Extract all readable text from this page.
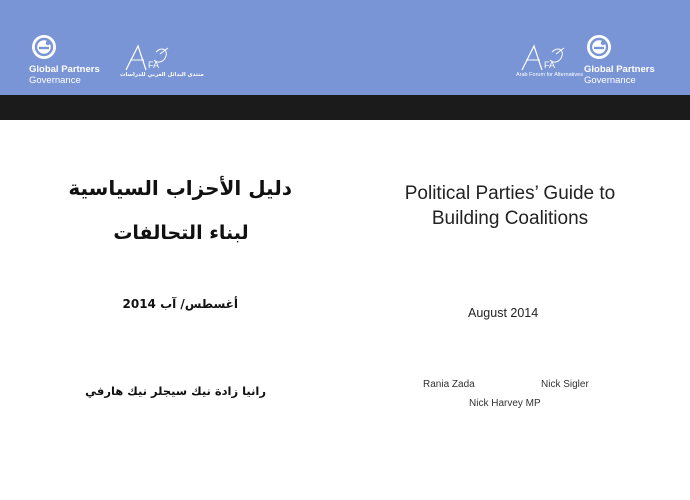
Global Partners
Governance
FA
منتدى البدائل العربي للدراسات
FA
Arab Forum for Alternatives Global Partners
Governance
دليل الأحزاب السياسية
لبناء التحالفات
أغسطس/ آب 2014
رانيا زادة نيك سيجلر نيك هارفي
Political Parties’ Guide to Building Coalitions
August 2014
Rania Zada	Nick Sigler
Nick Harvey MP
